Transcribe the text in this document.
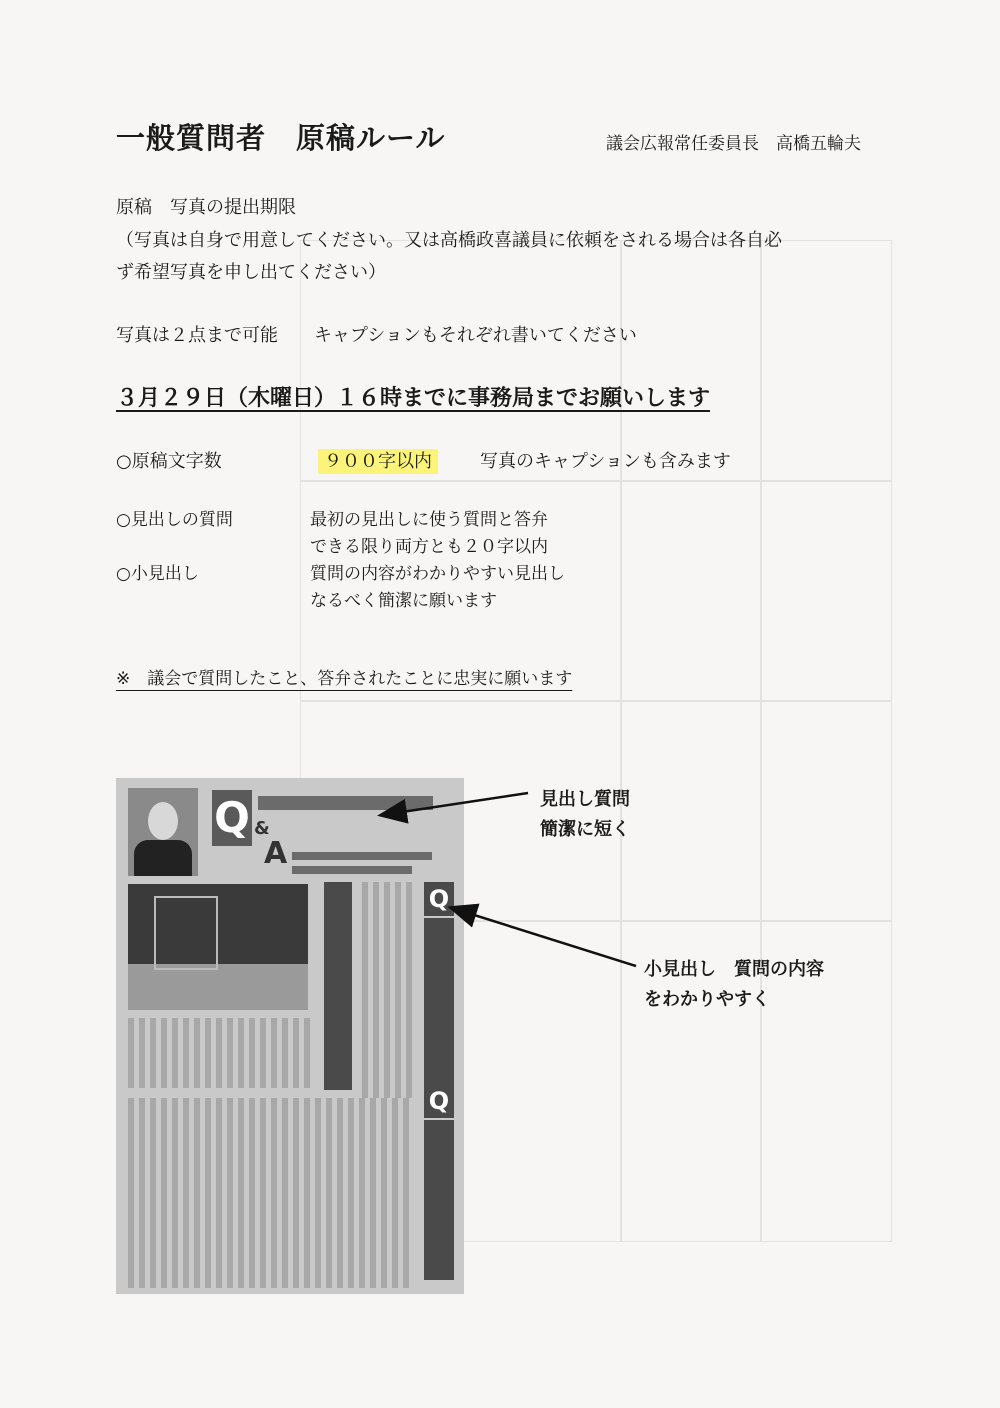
一般質問者　原稿ルール	議会広報常任委員長　高橋五輪夫
原稿　写真の提出期限
（写真は自身で用意してください。又は高橋政喜議員に依頼をされる場合は各自必
ず希望写真を申し出てください）
写真は２点まで可能　　キャプションもそれぞれ書いてください
３月２９日（木曜日）１６時までに事務局までお願いします
○原稿文字数	９００字以内	写真のキャプションも含みます
○見出しの質問	最初の見出しに使う質問と答弁
できる限り両方とも２０字以内
○小見出し	質問の内容がわかりやすい見出し
なるべく簡潔に願います
※　議会で質問したこと、答弁されたことに忠実に願います
Q &
A
Q
Q
見出し質問
簡潔に短く
小見出し　質問の内容
をわかりやすく
